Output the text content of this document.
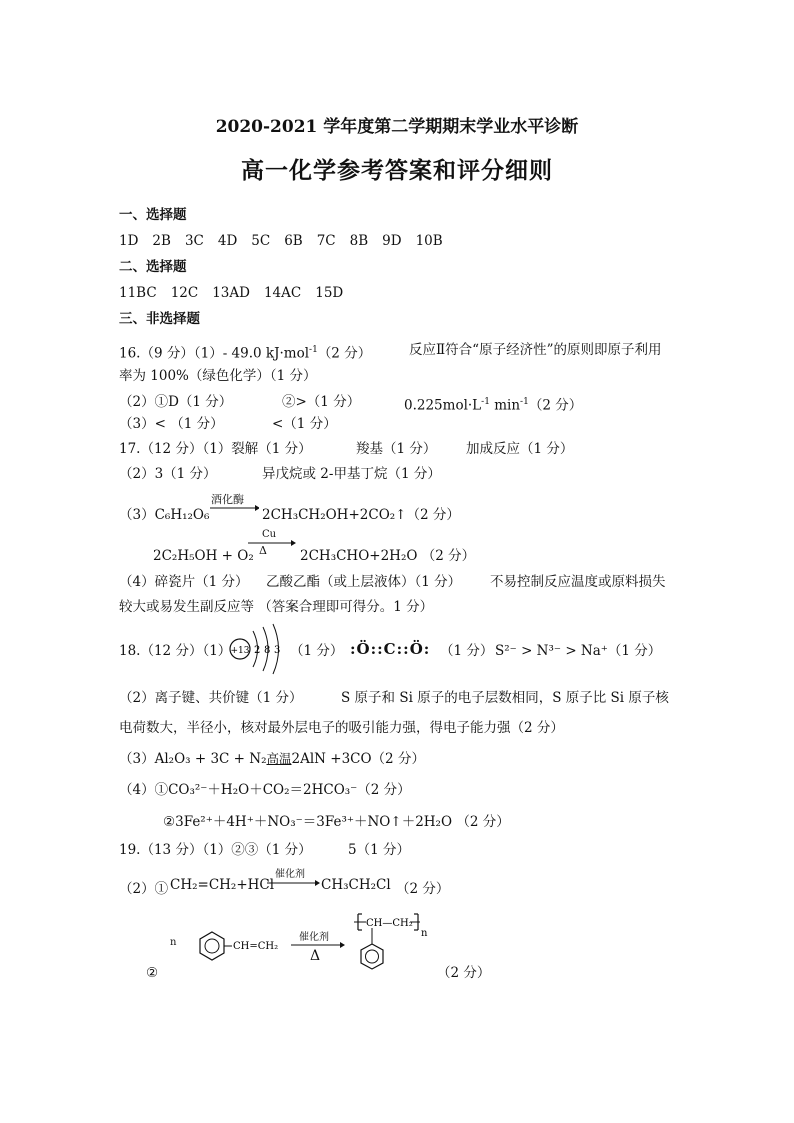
2020-2021 学年度第二学期期末学业水平诊断
高一化学参考答案和评分细则
一、选择题
1D 2B 3C 4D 5C 6B 7C 8B 9D 10B
二、选择题
11BC 12C 13AD 14AC 15D
三、非选择题
16.（9 分）（1）- 49.0 kJ·mol$^{-1}$（2 分）	反应Ⅱ符合“原子经济性”的原则即原子利用
率为 100%（绿色化学）（1 分）
（2）①D（1 分）	②>（1 分）	$0.225mol\cdot L^{-1}$ $\min^{-1}(2$ 分）
（3）< （1 分）	<（1 分）
17.（12 分）（1）裂解（1 分）	羧基（1 分） 加成反应（1 分）
（2）3（1 分）	异戊烷或 2-甲基丁烷（1 分）
（3）C₆H₁₂O₆
酒化酶
2CH₃CH₂OH+2CO₂↑（2 分）
2C₂H₅OH + O₂
Cu
Δ 2CH₃CHO+2H₂O （2 分）
（4）碎瓷片（1 分） 乙酸乙酯（或上层液体）（1 分） 不易控制反应温度或原料损失
较大或易发生副反应等 （答案合理即可得分。1 分）
18.（12 分）（1） +13 2 8 3 （1 分） :Ö::C::Ö: （1 分） S²⁻ > N³⁻ > Na⁺（1 分）
（2）离子键、共价键（1 分）	S 原子和 Si 原子的电子层数相同，S 原子比 Si 原子核
电荷数大，半径小，核对最外层电子的吸引能力强，得电子能力强（2 分）
（3）Al₂O₃ + 3C + N₂高温2AlN +3CO（2 分）
（4）①CO₃²⁻＋H₂O＋CO₂＝2HCO₃⁻（2 分）
②3Fe²⁺＋4H⁺＋NO₃⁻＝3Fe³⁺＋NO↑＋2H₂O （2 分）
19.（13 分）（1）②③（1 分）	5（1 分）
（2）① CH₂=CH₂+HCl
催化剂
CH₃CH₂Cl （2 分）
n
②
CH=CH₂
催化剂
Δ
CH—CH₂
n
（2 分）
